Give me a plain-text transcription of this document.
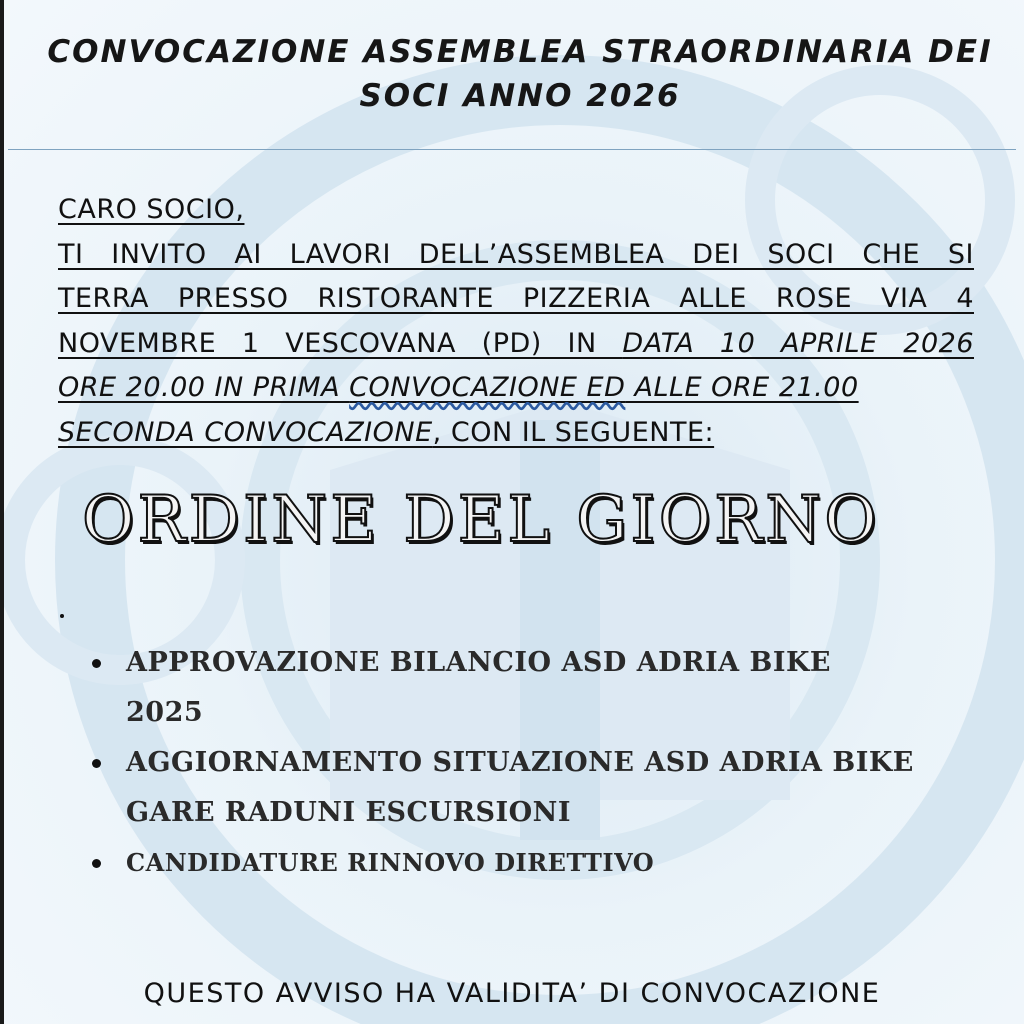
CONVOCAZIONE ASSEMBLEA STRAORDINARIA DEI
SOCI ANNO 2026
CARO SOCIO,
TI INVITO AI LAVORI DELL’ASSEMBLEA DEI SOCI CHE SI
TERRA PRESSO RISTORANTE PIZZERIA ALLE ROSE VIA 4
NOVEMBRE 1 VESCOVANA (PD) IN DATA 10 APRILE 2026
ORE 20.00 IN PRIMA CONVOCAZIONE ED ALLE ORE 21.00
SECONDA CONVOCAZIONE, CON IL SEGUENTE:
ORDINE DEL GIORNO
APPROVAZIONE BILANCIO ASD ADRIA BIKE
2025
AGGIORNAMENTO SITUAZIONE ASD ADRIA BIKE
GARE RADUNI ESCURSIONI
CANDIDATURE RINNOVO DIRETTIVO
QUESTO AVVISO HA VALIDITA’ DI CONVOCAZIONE
